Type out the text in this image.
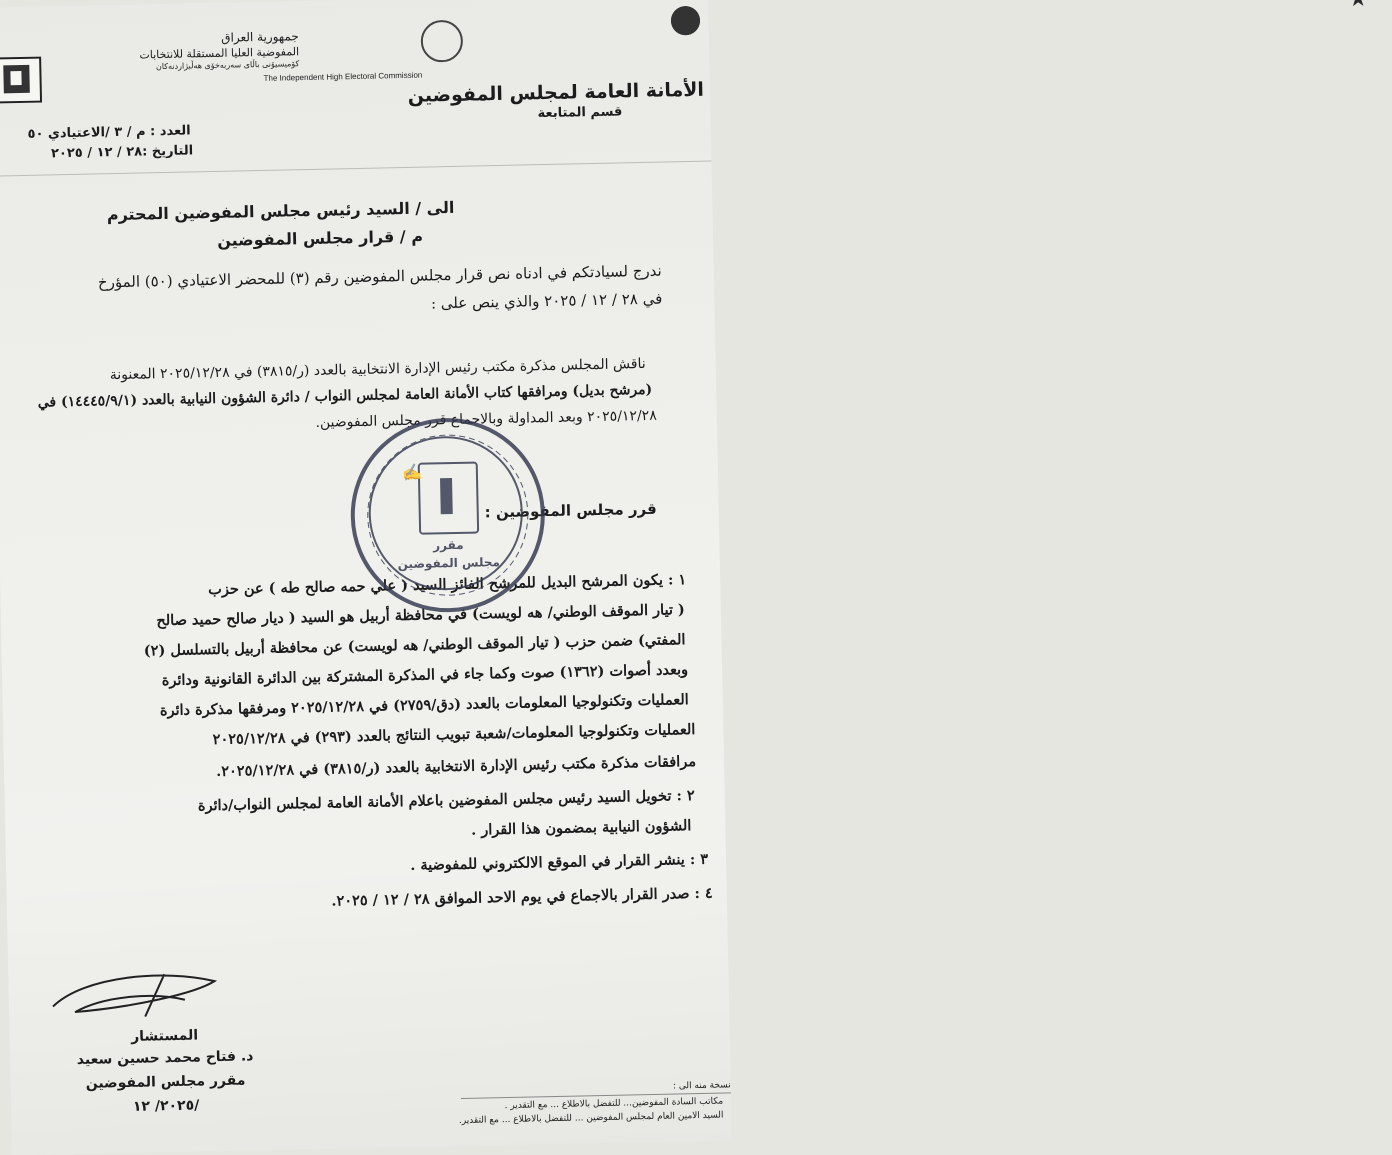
جمهورية العراق
المفوضية العليا المستقلة للانتخابات
کۆمیسیۆنی باڵای سەربەخۆی هەڵبژاردنەکان
The Independent High Electoral Commission
★
الأمانة العامة لمجلس المفوضين
قسم المتابعة
العدد : م / ٣ /الاعتيادي ٥٠
التاريخ :٢٨ / ١٢ / ٢٠٢٥
الى / السيد رئيس مجلس المفوضين المحترم
م / قرار مجلس المفوضين
ندرج لسيادتكم في ادناه نص قرار مجلس المفوضين رقم (٣) للمحضر الاعتيادي (٥٠) المؤرخ
في ٢٨ / ١٢ / ٢٠٢٥ والذي ينص على :
ناقش المجلس مذكرة مكتب رئيس الإدارة الانتخابية بالعدد (ر/٣٨١٥) في ٢٠٢٥/١٢/٢٨ المعنونة
(مرشح بديل) ومرافقها كتاب الأمانة العامة لمجلس النواب / دائرة الشؤون النيابية بالعدد (١٤٤٤٥/٩/١) في
٢٠٢٥/١٢/٢٨ وبعد المداولة وبالاجماع قرر مجلس المفوضين.
قرر مجلس المفوضين :
١ : يكون المرشح البديل للمرشح الفائز السيد ( علي حمه صالح طه ) عن حزب
( تيار الموقف الوطني/ هه لويست) في محافظة أربيل هو السيد ( ديار صالح حميد صالح
المفتي) ضمن حزب ( تيار الموقف الوطني/ هه لويست) عن محافظة أربيل بالتسلسل (٢)
وبعدد أصوات (١٣٦٢) صوت وكما جاء في المذكرة المشتركة بين الدائرة القانونية ودائرة
العمليات وتكنولوجيا المعلومات بالعدد (دق/٢٧٥٩) في ٢٠٢٥/١٢/٢٨ ومرفقها مذكرة دائرة
العمليات وتكنولوجيا المعلومات/شعبة تبويب النتائج بالعدد (٢٩٣) في ٢٠٢٥/١٢/٢٨
مرافقات مذكرة مكتب رئيس الإدارة الانتخابية بالعدد (ر/٣٨١٥) في ٢٠٢٥/١٢/٢٨.
٢ : تخويل السيد رئيس مجلس المفوضين باعلام الأمانة العامة لمجلس النواب/دائرة
الشؤون النيابية بمضمون هذا القرار .
٣ : ينشر القرار في الموقع الالكتروني للمفوضية .
٤ : صدر القرار بالاجماع في يوم الاحد الموافق ٢٨ / ١٢ / ٢٠٢٥.
✍
مقرر
مجلس المفوضين
المستشار
د. فتاح محمد حسين سعيد
مقرر مجلس المفوضين
٢٠٢٥/ ١٢/
نسخة منه الى :
مكاتب السادة المفوضين... للتفضل بالاطلاع ... مع التقدير .
السيد الامين العام لمجلس المفوضين ... للتفضل بالاطلاع ... مع التقدير.
